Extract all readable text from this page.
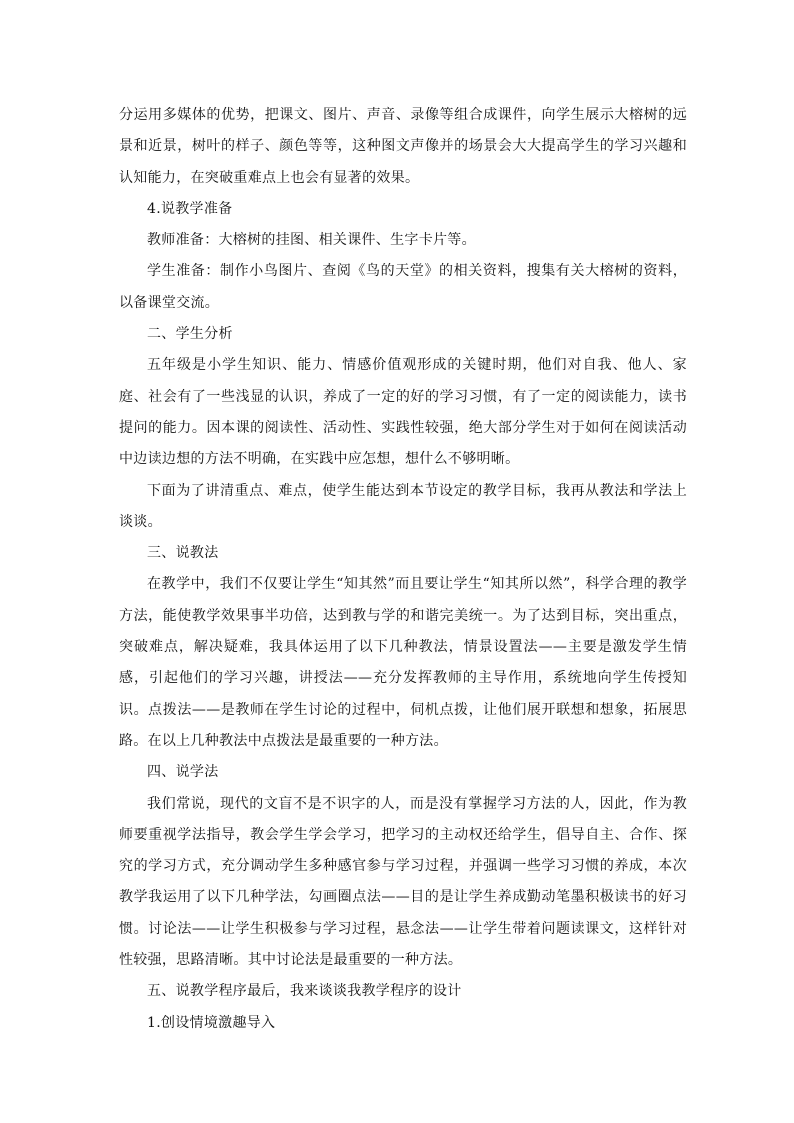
分运用多媒体的优势，把课文、图片、声音、录像等组合成课件，向学生展示大榕树的远景和近景，树叶的样子、颜色等等，这种图文声像并的场景会大大提高学生的学习兴趣和认知能力，在突破重难点上也会有显著的效果。

4.说教学准备

教师准备：大榕树的挂图、相关课件、生字卡片等。

学生准备：制作小鸟图片、查阅《鸟的天堂》的相关资料，搜集有关大榕树的资料，以备课堂交流。

二、学生分析

五年级是小学生知识、能力、情感价值观形成的关键时期，他们对自我、他人、家庭、社会有了一些浅显的认识，养成了一定的好的学习习惯，有了一定的阅读能力，读书提问的能力。因本课的阅读性、活动性、实践性较强，绝大部分学生对于如何在阅读活动中边读边想的方法不明确，在实践中应怎想，想什么不够明晰。

下面为了讲清重点、难点，使学生能达到本节设定的教学目标，我再从教法和学法上谈谈。

三、说教法

在教学中，我们不仅要让学生“知其然”而且要让学生“知其所以然”，科学合理的教学方法，能使教学效果事半功倍，达到教与学的和谐完美统一。为了达到目标，突出重点，突破难点，解决疑难，我具体运用了以下几种教法，情景设置法——主要是激发学生情感，引起他们的学习兴趣，讲授法——充分发挥教师的主导作用，系统地向学生传授知识。点拨法——是教师在学生讨论的过程中，伺机点拨，让他们展开联想和想象，拓展思路。在以上几种教法中点拨法是最重要的一种方法。

四、说学法

我们常说，现代的文盲不是不识字的人，而是没有掌握学习方法的人，因此，作为教师要重视学法指导，教会学生学会学习，把学习的主动权还给学生，倡导自主、合作、探究的学习方式，充分调动学生多种感官参与学习过程，并强调一些学习习惯的养成，本次教学我运用了以下几种学法，勾画圈点法——目的是让学生养成勤动笔墨积极读书的好习惯。讨论法——让学生积极参与学习过程，悬念法——让学生带着问题读课文，这样针对性较强，思路清晰。其中讨论法是最重要的一种方法。

五、说教学程序最后，我来谈谈我教学程序的设计

1.创设情境激趣导入
